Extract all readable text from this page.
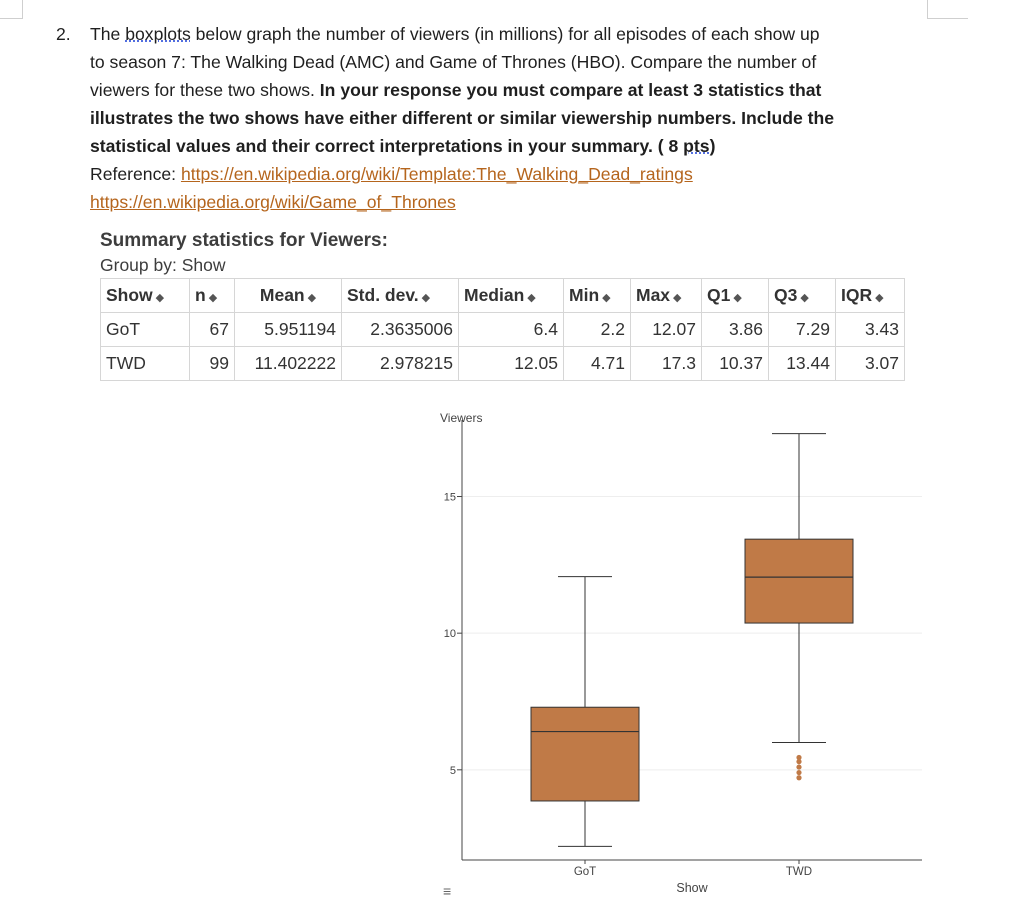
2. The boxplots below graph the number of viewers (in millions) for all episodes of each show up

to season 7: The Walking Dead (AMC) and Game of Thrones (HBO). Compare the number of

viewers for these two shows. In your response you must compare at least 3 statistics that

illustrates the two shows have either different or similar viewership numbers. Include the

statistical values and their correct interpretations in your summary. ( 8 pts)

Reference: https://en.wikipedia.org/wiki/Template:The_Walking_Dead_ratings

https://en.wikipedia.org/wiki/Game_of_Thrones

Summary statistics for Viewers:
Group by: Show
Show ◆	n ◆	Mean ◆	Std. dev. ◆	Median ◆	Min ◆	Max ◆	Q1 ◆	Q3 ◆	IQR ◆
GoT	67	5.951194	2.3635006	6.4	2.2	12.07	3.86	7.29	3.43
TWD	99	11.402222	2.978215	12.05	4.71	17.3	10.37	13.44	3.07
5
10
15
Viewers
Show
GoT	TWD
≡
